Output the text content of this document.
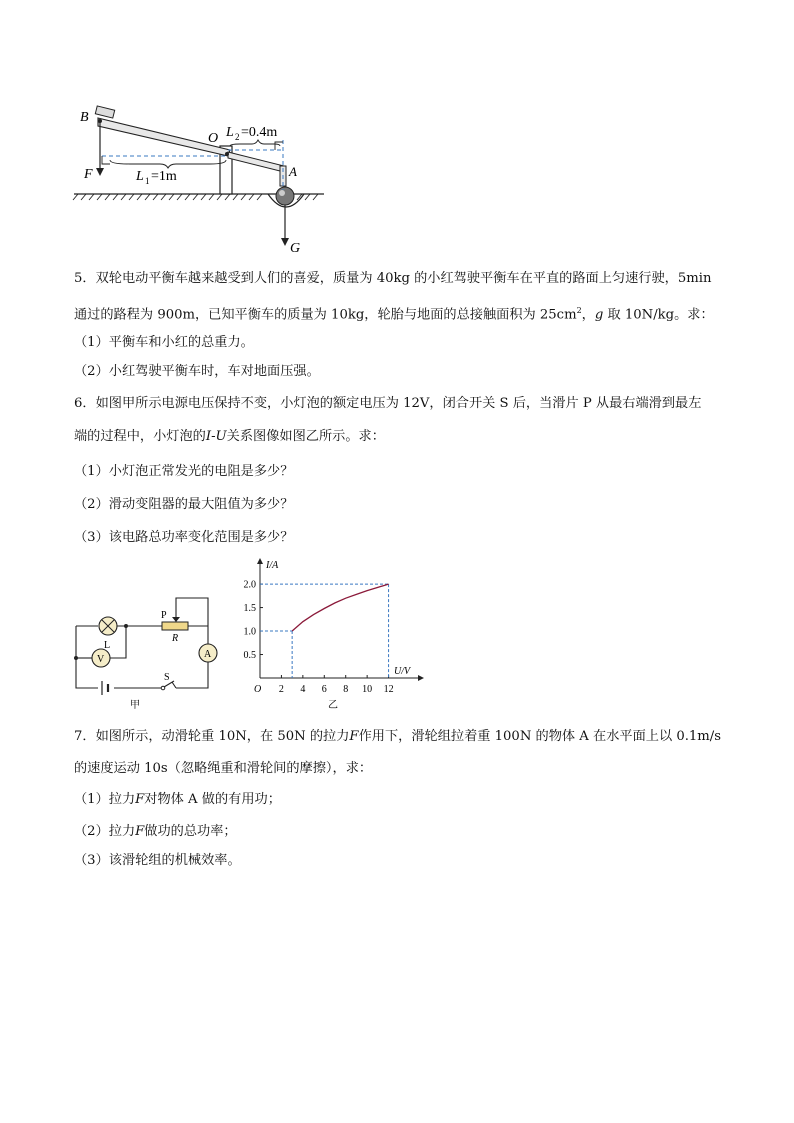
B
O
A
F
G
L 2 =0.4m
L 1 =1m
5．双轮电动平衡车越来越受到人们的喜爱，质量为 40kg 的小红驾驶平衡车在平直的路面上匀速行驶，5min
通过的路程为 900m，已知平衡车的质量为 10kg，轮胎与地面的总接触面积为 $25cm^2$，g 取 10N/kg。求：
（1）平衡车和小红的总重力。
（2）小红驾驶平衡车时，车对地面压强。
6．如图甲所示电源电压保持不变，小灯泡的额定电压为 12V，闭合开关 S 后，当滑片 P 从最右端滑到最左
端的过程中，小灯泡的I-U关系图像如图乙所示。求：
（1）小灯泡正常发光的电阻是多少？
（2）滑动变阻器的最大阻值为多少？
（3）该电路总功率变化范围是多少？
L
V	A
P
R
S
甲
I/A
U/V
O
乙
2 4 6 8 10 12
0.5
1.0
1.5
2.0
7．如图所示，动滑轮重 10N，在 50N 的拉力F作用下，滑轮组拉着重 100N 的物体 A 在水平面上以 0.1m/s
的速度运动 10s（忽略绳重和滑轮间的摩擦），求：
（1）拉力F对物体 A 做的有用功；
（2）拉力F做功的总功率；
（3）该滑轮组的机械效率。
